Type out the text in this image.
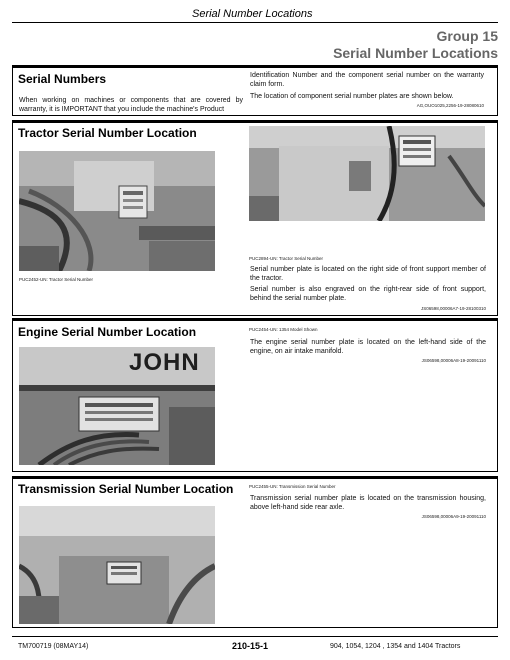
Serial Number Locations
Group 15
Serial Number Locations
Serial Numbers
When working on machines or components that are covered by warranty, it is IMPORTANT that you include the machine's Product
Identification Number and the component serial number on the warranty claim form.
The location of component serial number plates are shown below.
AG,OUO1025,2256-19-28080610
Tractor Serial Number Location
PUC2452-UN: Tractor Serial Number
PUC2894-UN: Tractor Serial Number
Serial number plate is located on the right side of front support member of the tractor.
Serial number is also engraved on the right-rear side of front support, behind the serial number plate.
JS06598,00006A7-19-28100310
Engine Serial Number Location
JOHN
PUC2454-UN: 1354 Model Shown
The engine serial number plate is located on the left-hand side of the engine, on air intake manifold.
JS06598,00006A8-19-20091110
Transmission Serial Number Location	PUC2455-UN: Transmission Serial Number
Transmission serial number plate is located on the transmission housing, above left-hand side rear axle.
JS06598,00006A9-19-20091110
TM700719 (08MAY14)	210-15-1	904, 1054, 1204 , 1354 and 1404 Tractors
